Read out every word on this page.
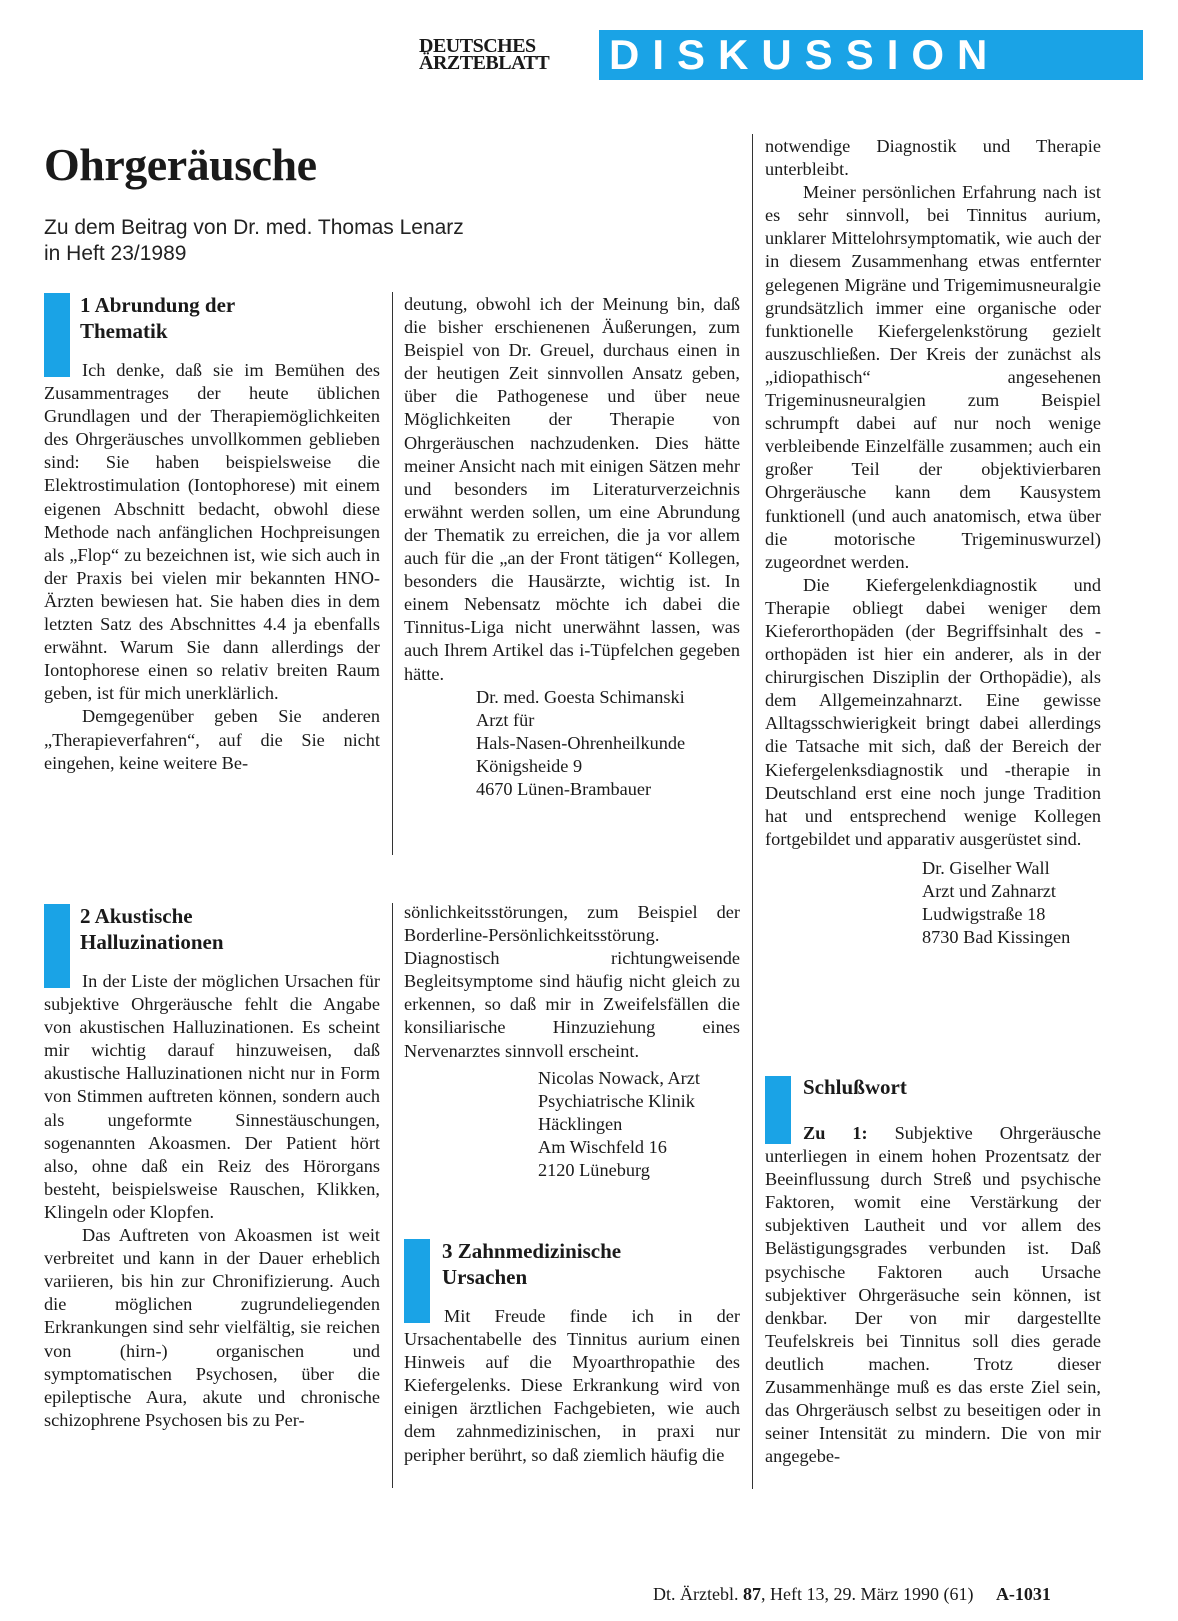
DEUTSCHES
ÄRZTEBLATT	DISKUSSION
Ohrgeräusche
Zu dem Beitrag von Dr. med. Thomas Lenarz
in Heft 23/1989
1 Abrundung der
Thematik

Ich denke, daß sie im Bemühen des Zusammentrages der heute üblichen Grundlagen und der Therapiemöglichkeiten des Ohrgeräusches unvollkommen geblieben sind: Sie haben beispielsweise die Elektrostimulation (Iontophorese) mit einem eigenen Abschnitt bedacht, obwohl diese Methode nach anfänglichen Hochpreisungen als „Flop“ zu bezeichnen ist, wie sich auch in der Praxis bei vielen mir bekannten HNO-Ärzten bewiesen hat. Sie haben dies in dem letzten Satz des Abschnittes 4.4 ja ebenfalls erwähnt. Warum Sie dann allerdings der Iontophorese einen so relativ breiten Raum geben, ist für mich unerklärlich.

Demgegenüber geben Sie anderen „Therapieverfahren“, auf die Sie nicht eingehen, keine weitere Be-

deutung, obwohl ich der Meinung bin, daß die bisher erschienenen Äußerungen, zum Beispiel von Dr. Greuel, durchaus einen in der heutigen Zeit sinnvollen Ansatz geben, über die Pathogenese und über neue Möglichkeiten der Therapie von Ohrgeräuschen nachzudenken. Dies hätte meiner Ansicht nach mit einigen Sätzen mehr und besonders im Literaturverzeichnis erwähnt werden sollen, um eine Abrundung der Thematik zu erreichen, die ja vor allem auch für die „an der Front tätigen“ Kollegen, besonders die Hausärzte, wichtig ist. In einem Nebensatz möchte ich dabei die Tinnitus-Liga nicht unerwähnt lassen, was auch Ihrem Artikel das i-Tüpfelchen gegeben hätte.

Dr. med. Goesta Schimanski
Arzt für
Hals-Nasen-Ohrenheilkunde
Königsheide 9
4670 Lünen-Brambauer
2 Akustische
Halluzinationen

In der Liste der möglichen Ursachen für subjektive Ohrgeräusche fehlt die Angabe von akustischen Halluzinationen. Es scheint mir wichtig darauf hinzuweisen, daß akustische Halluzinationen nicht nur in Form von Stimmen auftreten können, sondern auch als ungeformte Sinnestäuschungen, sogenannten Akoasmen. Der Patient hört also, ohne daß ein Reiz des Hörorgans besteht, beispielsweise Rauschen, Klikken, Klingeln oder Klopfen.

Das Auftreten von Akoasmen ist weit verbreitet und kann in der Dauer erheblich variieren, bis hin zur Chronifizierung. Auch die möglichen zugrundeliegenden Erkrankungen sind sehr vielfältig, sie reichen von (hirn-) organischen und symptomatischen Psychosen, über die epileptische Aura, akute und chronische schizophrene Psychosen bis zu Per-

sönlichkeitsstörungen, zum Beispiel der Borderline-Persönlichkeitsstörung. Diagnostisch richtungweisende Begleitsymptome sind häufig nicht gleich zu erkennen, so daß mir in Zweifelsfällen die konsiliarische Hinzuziehung eines Nervenarztes sinnvoll erscheint.

Nicolas Nowack, Arzt
Psychiatrische Klinik
Häcklingen
Am Wischfeld 16
2120 Lüneburg
3 Zahnmedizinische
Ursachen

Mit Freude finde ich in der Ursachentabelle des Tinnitus aurium einen Hinweis auf die Myoarthropathie des Kiefergelenks. Diese Erkrankung wird von einigen ärztlichen Fachgebieten, wie auch dem zahnmedizinischen, in praxi nur peripher berührt, so daß ziemlich häufig die

notwendige Diagnostik und Therapie unterbleibt.

Meiner persönlichen Erfahrung nach ist es sehr sinnvoll, bei Tinnitus aurium, unklarer Mittelohrsymptomatik, wie auch der in diesem Zusammenhang etwas entfernter gelegenen Migräne und Trigemimusneuralgie grundsätzlich immer eine organische oder funktionelle Kiefergelenkstörung gezielt auszuschließen. Der Kreis der zunächst als „idiopathisch“ angesehenen Trigeminusneuralgien zum Beispiel schrumpft dabei auf nur noch wenige verbleibende Einzelfälle zusammen; auch ein großer Teil der objektivierbaren Ohrgeräusche kann dem Kausystem funktionell (und auch anatomisch, etwa über die motorische Trigeminuswurzel) zugeordnet werden.

Die Kiefergelenkdiagnostik und Therapie obliegt dabei weniger dem Kieferorthopäden (der Begriffsinhalt des -orthopäden ist hier ein anderer, als in der chirurgischen Disziplin der Orthopädie), als dem Allgemeinzahnarzt. Eine gewisse Alltagsschwierigkeit bringt dabei allerdings die Tatsache mit sich, daß der Bereich der Kiefergelenksdiagnostik und -therapie in Deutschland erst eine noch junge Tradition hat und entsprechend wenige Kollegen fortgebildet und apparativ ausgerüstet sind.

Dr. Giselher Wall
Arzt und Zahnarzt
Ludwigstraße 18
8730 Bad Kissingen
Schlußwort

Zu 1: Subjektive Ohrgeräusche unterliegen in einem hohen Prozentsatz der Beeinflussung durch Streß und psychische Faktoren, womit eine Verstärkung der subjektiven Lautheit und vor allem des Belästigungsgrades verbunden ist. Daß psychische Faktoren auch Ursache subjektiver Ohrgeräsuche sein können, ist denkbar. Der von mir dargestellte Teufelskreis bei Tinnitus soll dies gerade deutlich machen. Trotz dieser Zusammenhänge muß es das erste Ziel sein, das Ohrgeräusch selbst zu beseitigen oder in seiner Intensität zu mindern. Die von mir angegebe-

Dt. Ärztebl. 87, Heft 13, 29. März 1990 (61) A-1031
